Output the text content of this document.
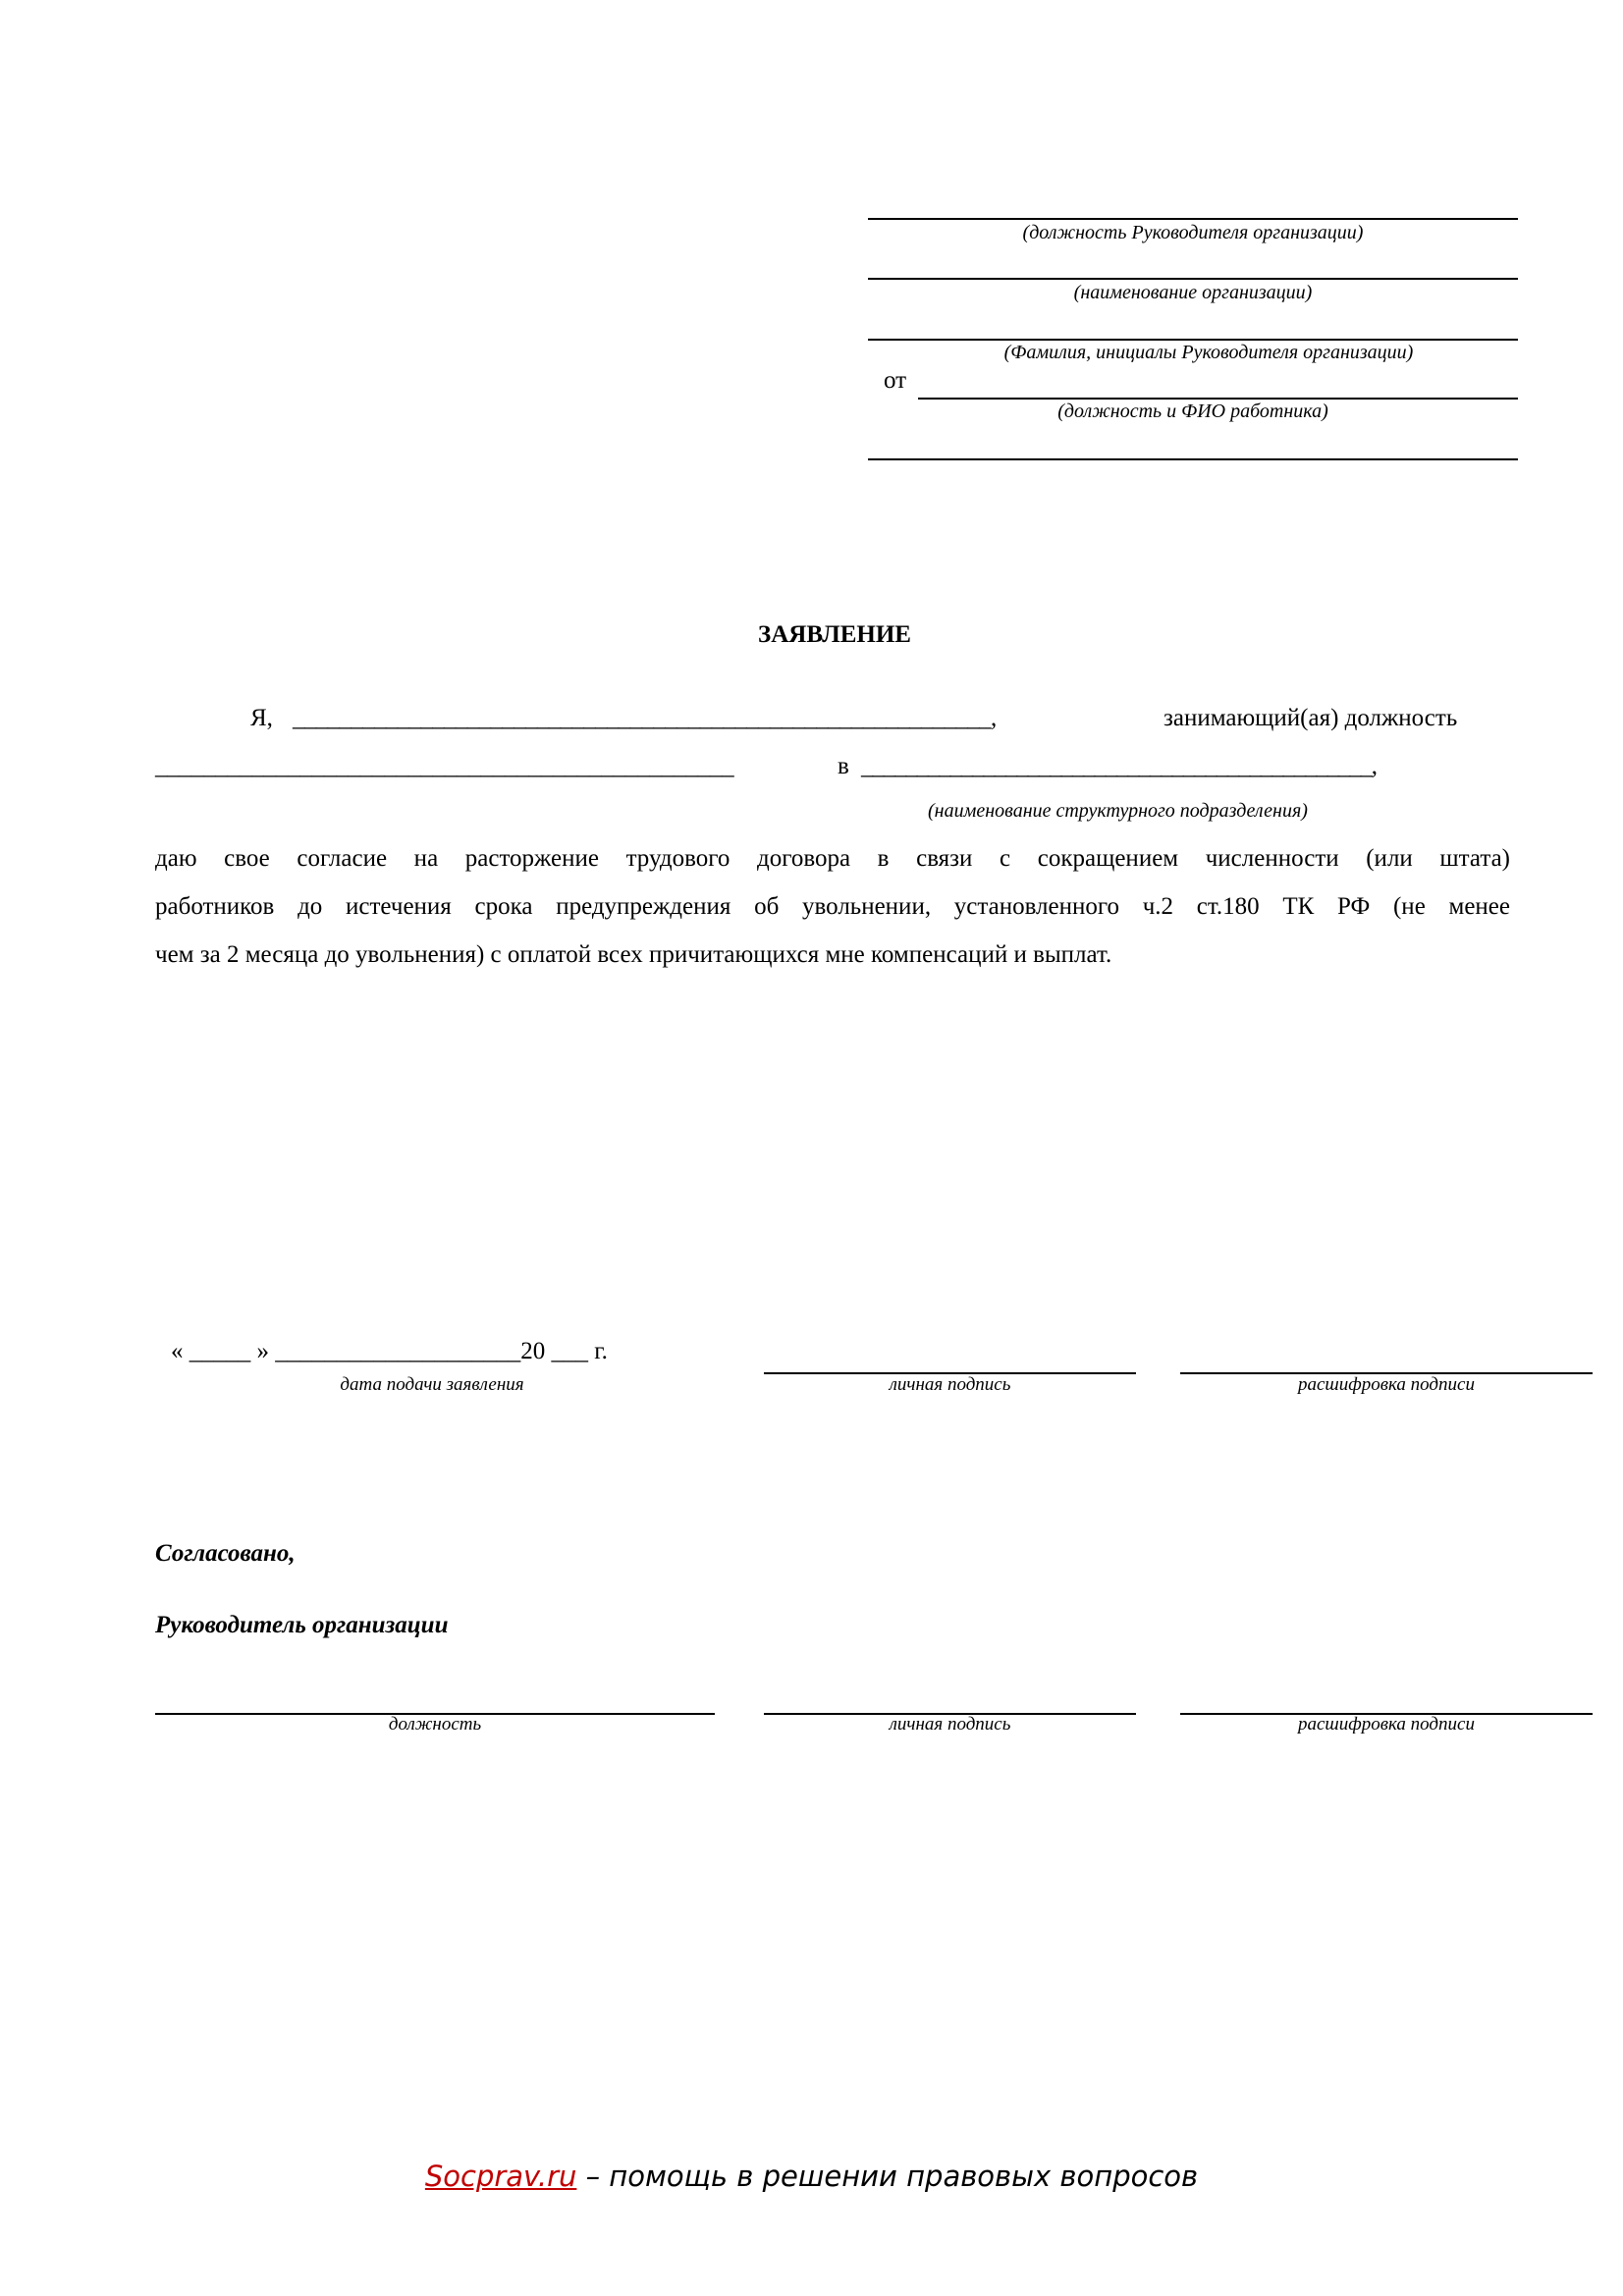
(должность Руководителя организации)
(наименование организации)
(Фамилия, инициалы Руководителя организации)
от
(должность и ФИО работника)
ЗАЯВЛЕНИЕ
Я, ____________________________________________________________,	занимающий(ая) должность
________________________________________________	в ______________________________________________,
(наименование структурного подразделения)
даю свое согласие на расторжение трудового договора в связи с сокращением численности (или штата)
работников до истечения срока предупреждения об увольнении, установленного ч.2 ст.180 ТК РФ (не менее
чем за 2 месяца до увольнения) с оплатой всех причитающихся мне компенсаций и выплат.
« _____ » ____________________20 ___ г.
дата подачи заявления	личная подпись	расшифровка подписи
Согласовано,
Руководитель организации
должность	личная подпись	расшифровка подписи
Socprav.ru – помощь в решении правовых вопросов
